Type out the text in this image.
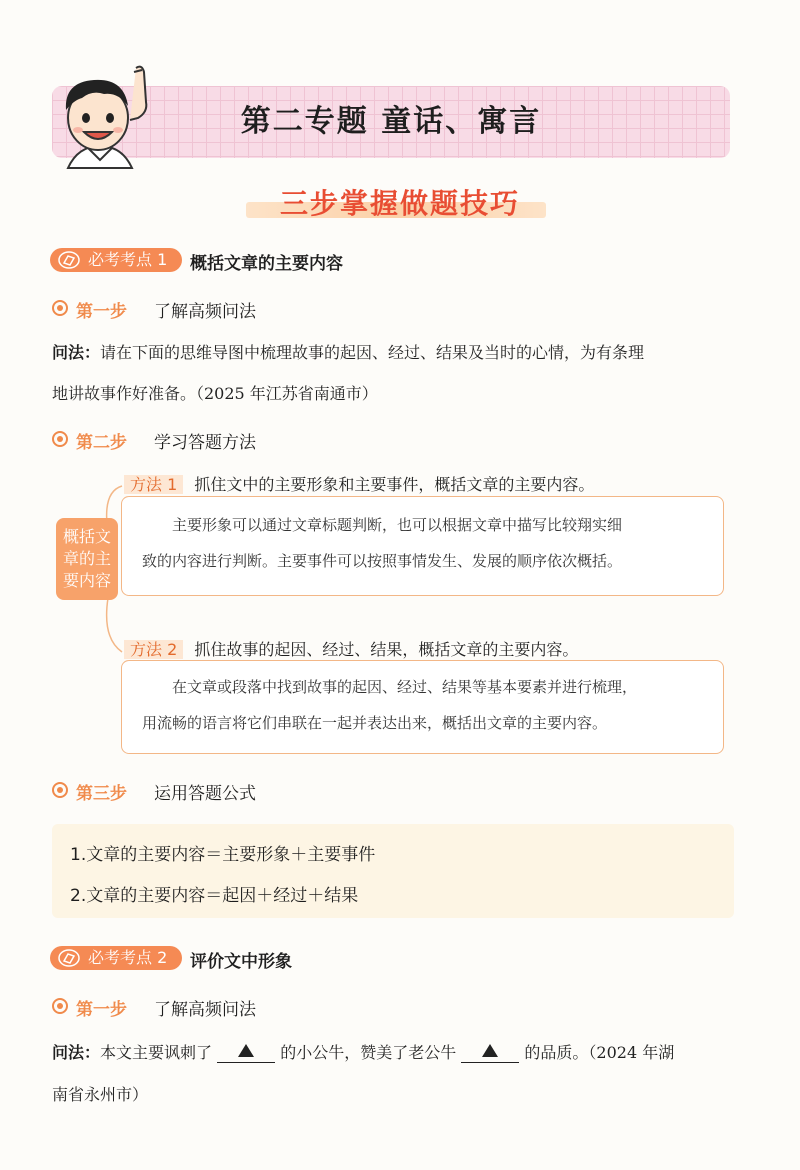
第二专题 童话、寓言
三步掌握做题技巧
必考考点 1	概括文章的主要内容
第一步 了解高频问法
问法：请在下面的思维导图中梳理故事的起因、经过、结果及当时的心情，为有条理
地讲故事作好准备。（2025 年江苏省南通市）
第二步 学习答题方法
概括文章的主要内容
方法 1 抓住文中的主要形象和主要事件，概括文章的主要内容。
主要形象可以通过文章标题判断，也可以根据文章中描写比较翔实细
致的内容进行判断。主要事件可以按照事情发生、发展的顺序依次概括。
方法 2 抓住故事的起因、经过、结果，概括文章的主要内容。
在文章或段落中找到故事的起因、经过、结果等基本要素并进行梳理，
用流畅的语言将它们串联在一起并表达出来，概括出文章的主要内容。
第三步 运用答题公式
1.文章的主要内容＝主要形象＋主要事件
2.文章的主要内容＝起因＋经过＋结果
必考考点 2	评价文中形象
第一步 了解高频问法
问法：本文主要讽刺了	的小公牛，赞美了老公牛	的品质。（2024 年湖
南省永州市）
